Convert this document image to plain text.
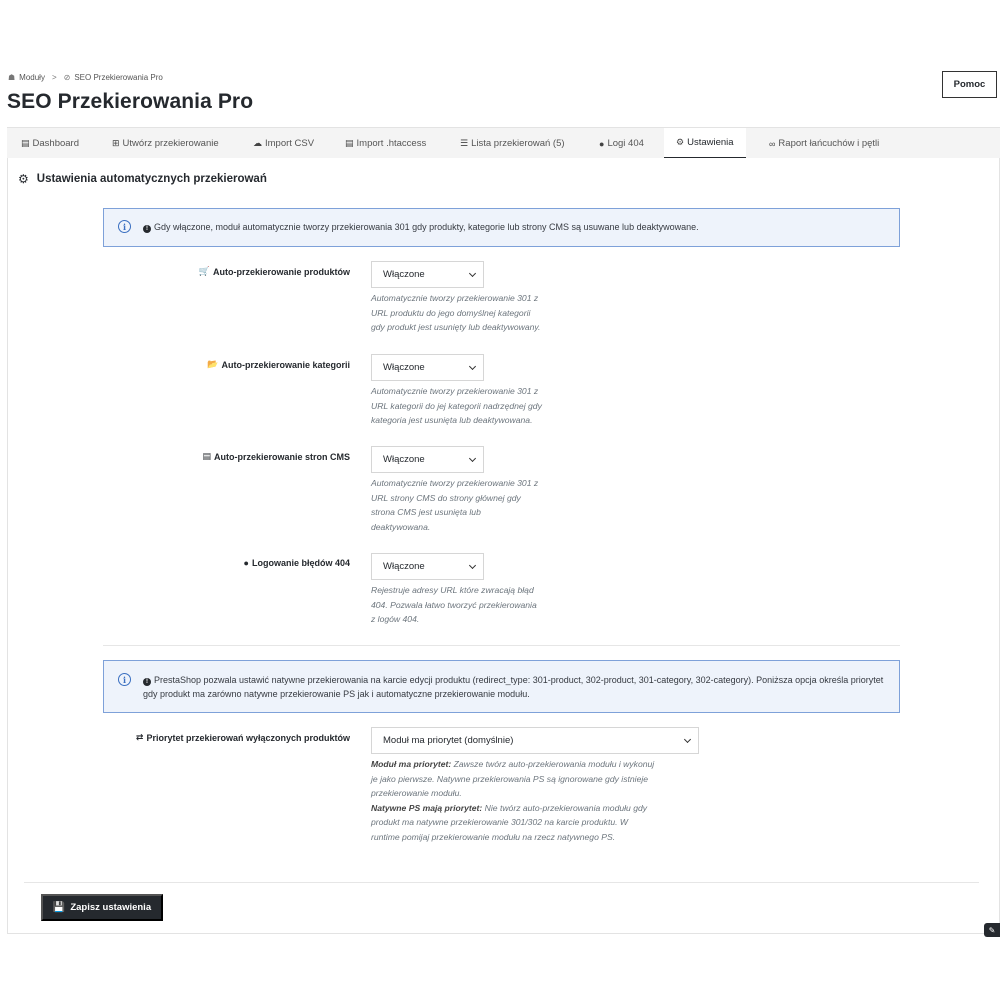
☗ Moduły > ⊘ SEO Przekierowania Pro
SEO Przekierowania Pro
Pomoc
▤ Dashboard	⊞ Utwórz przekierowanie	☁ Import CSV	▤ Import .htaccess	☰ Lista przekierowań (5)	● Logi 404	⚙ Ustawienia	∞ Raport łańcuchów i pętli
⚙ Ustawienia automatycznych przekierowań
i	! Gdy włączone, moduł automatycznie tworzy przekierowania 301 gdy produkty, kategorie lub strony CMS są usuwane lub deaktywowane.
🛒 Auto-przekierowanie produktów	Włączone
Automatycznie tworzy przekierowanie 301 z
URL produktu do jego domyślnej kategorii
gdy produkt jest usunięty lub deaktywowany.
📂 Auto-przekierowanie kategorii	Włączone
Automatycznie tworzy przekierowanie 301 z
URL kategorii do jej kategorii nadrzędnej gdy
kategoria jest usunięta lub deaktywowana.
▤ Auto-przekierowanie stron CMS	Włączone
Automatycznie tworzy przekierowanie 301 z
URL strony CMS do strony głównej gdy
strona CMS jest usunięta lub
deaktywowana.
● Logowanie błędów 404	Włączone
Rejestruje adresy URL które zwracają błąd
404. Pozwala łatwo tworzyć przekierowania
z logów 404.
i	! PrestaShop pozwala ustawić natywne przekierowania na karcie edycji produktu (redirect_type: 301-product, 302-product, 301-category, 302-category). Poniższa opcja określa priorytet gdy produkt ma zarówno natywne przekierowanie PS jak i automatyczne przekierowanie modułu.
⇄ Priorytet przekierowań wyłączonych produktów	Moduł ma priorytet (domyślnie)
Moduł ma priorytet: Zawsze twórz auto-przekierowania modułu i wykonuj
je jako pierwsze. Natywne przekierowania PS są ignorowane gdy istnieje
przekierowanie modułu.
Natywne PS mają priorytet: Nie twórz auto-przekierowania modułu gdy
produkt ma natywne przekierowanie 301/302 na karcie produktu. W
runtime pomijaj przekierowanie modułu na rzecz natywnego PS.
💾 Zapisz ustawienia
✎
